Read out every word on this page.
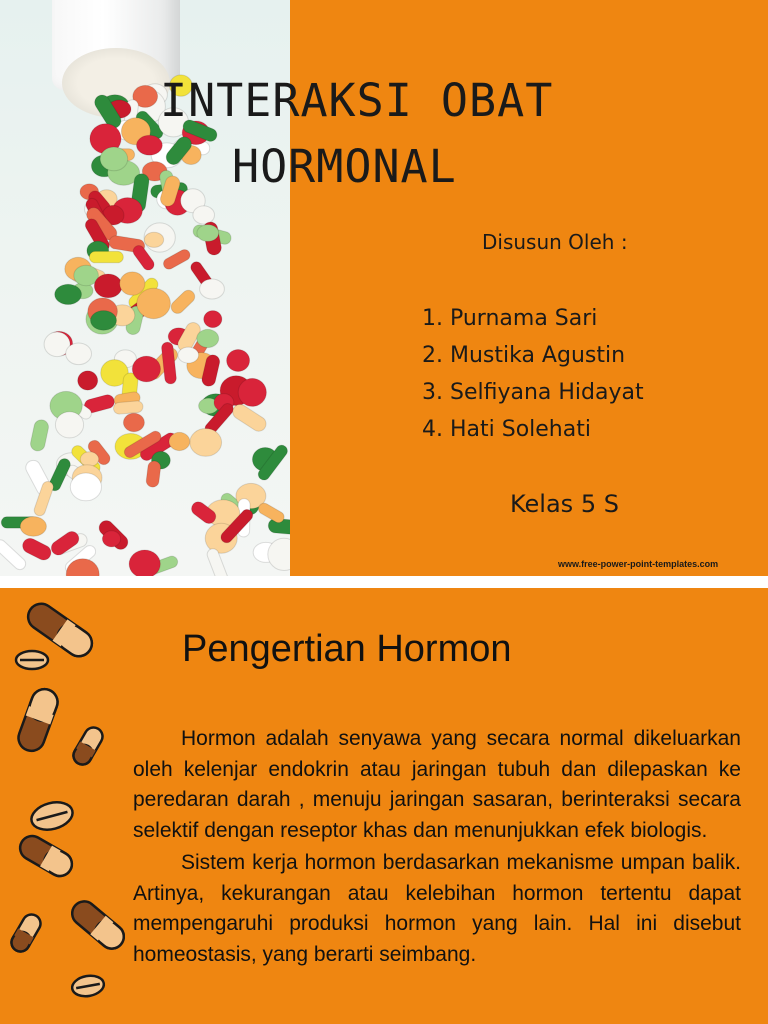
INTERAKSI OBAT
HORMONAL

Disusun Oleh :

1. Purnama Sari
2. Mustika Agustin
3. Selfiyana Hidayat
4. Hati Solehati

Kelas 5 S

www.free-power-point-templates.com

Pengertian Hormon

Hormon adalah senyawa yang secara normal dikeluarkan oleh kelenjar endokrin atau jaringan tubuh dan dilepaskan ke peredaran darah , menuju jaringan sasaran, berinteraksi secara selektif dengan reseptor khas dan menunjukkan efek biologis.

Sistem kerja hormon berdasarkan mekanisme umpan balik. Artinya, kekurangan atau kelebihan hormon tertentu dapat mempengaruhi produksi hormon yang lain. Hal ini disebut homeostasis, yang berarti seimbang.
